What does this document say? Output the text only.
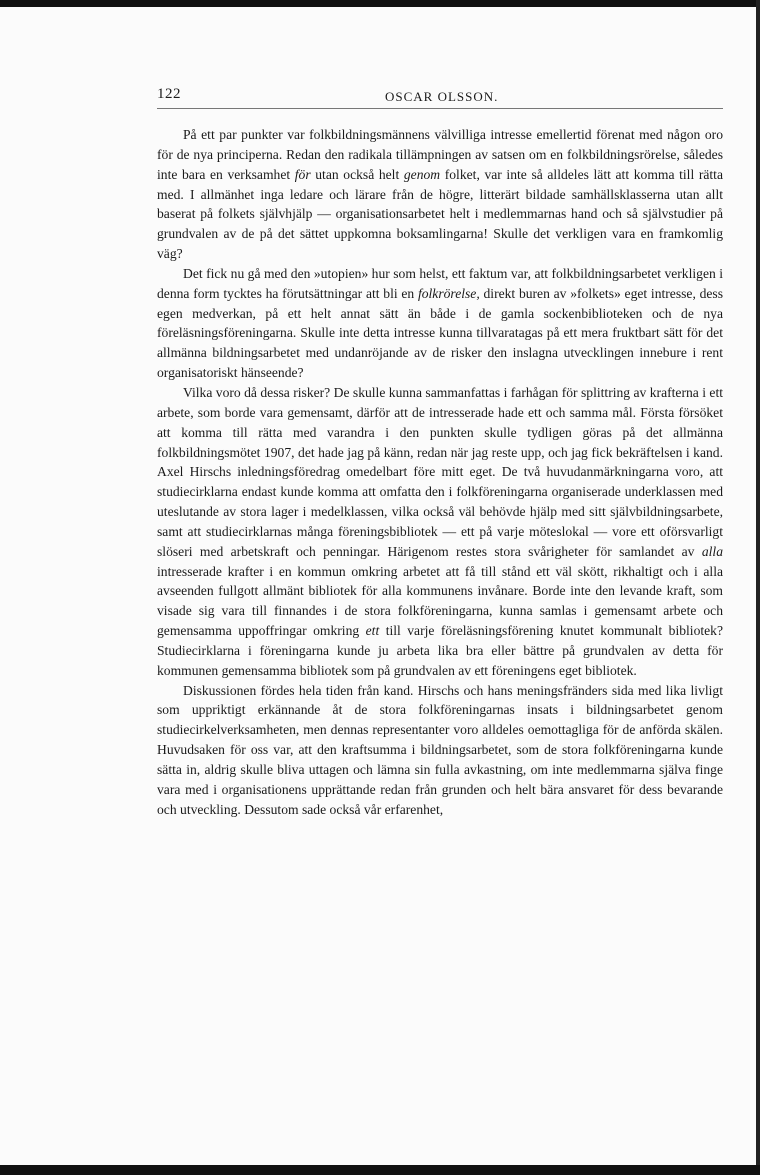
122	OSCAR OLSSON.

På ett par punkter var folkbildningsmännens välvilliga intresse emellertid förenat med någon oro för de nya principerna. Redan den radikala tillämpningen av satsen om en folkbildningsrörelse, således inte bara en verksamhet för utan också helt genom folket, var inte så alldeles lätt att komma till rätta med. I allmänhet inga ledare och lärare från de högre, litterärt bildade samhällsklasserna utan allt baserat på folkets självhjälp — organisationsarbetet helt i medlemmarnas hand och så självstudier på grundvalen av de på det sättet uppkomna boksamlingarna! Skulle det verkligen vara en framkomlig väg?

Det fick nu gå med den »utopien» hur som helst, ett faktum var, att folkbildningsarbetet verkligen i denna form tycktes ha förutsättningar att bli en folkrörelse, direkt buren av »folkets» eget intresse, dess egen medverkan, på ett helt annat sätt än både i de gamla sockenbiblioteken och de nya föreläsningsföreningarna. Skulle inte detta intresse kunna tillvaratagas på ett mera fruktbart sätt för det allmänna bildningsarbetet med undanröjande av de risker den inslagna utvecklingen innebure i rent organisatoriskt hänseende?

Vilka voro då dessa risker? De skulle kunna sammanfattas i farhågan för splittring av krafterna i ett arbete, som borde vara gemensamt, därför att de intresserade hade ett och samma mål. Första försöket att komma till rätta med varandra i den punkten skulle tydligen göras på det allmänna folkbildningsmötet 1907, det hade jag på känn, redan när jag reste upp, och jag fick bekräftelsen i kand. Axel Hirschs inledningsföredrag omedelbart före mitt eget. De två huvudanmärkningarna voro, att studiecirklarna endast kunde komma att omfatta den i folkföreningarna organiserade underklassen med uteslutande av stora lager i medelklassen, vilka också väl behövde hjälp med sitt självbildningsarbete, samt att studiecirklarnas många föreningsbibliotek — ett på varje möteslokal — vore ett oförsvarligt slöseri med arbetskraft och penningar. Härigenom restes stora svårigheter för samlandet av alla intresserade krafter i en kommun omkring arbetet att få till stånd ett väl skött, rikhaltigt och i alla avseenden fullgott allmänt bibliotek för alla kommunens invånare. Borde inte den levande kraft, som visade sig vara till finnandes i de stora folkföreningarna, kunna samlas i gemensamt arbete och gemensamma uppoffringar omkring ett till varje föreläsningsförening knutet kommunalt bibliotek? Studiecirklarna i föreningarna kunde ju arbeta lika bra eller bättre på grundvalen av detta för kommunen gemensamma bibliotek som på grundvalen av ett föreningens eget bibliotek.

Diskussionen fördes hela tiden från kand. Hirschs och hans meningsfränders sida med lika livligt som uppriktigt erkännande åt de stora folkföreningarnas insats i bildningsarbetet genom studiecirkelverksamheten, men dennas representanter voro alldeles oemottagliga för de anförda skälen. Huvudsaken för oss var, att den kraftsumma i bildningsarbetet, som de stora folkföreningarna kunde sätta in, aldrig skulle bliva uttagen och lämna sin fulla avkastning, om inte medlemmarna själva finge vara med i organisationens upprättande redan från grunden och helt bära ansvaret för dess bevarande och utveckling. Dessutom sade också vår erfarenhet,
